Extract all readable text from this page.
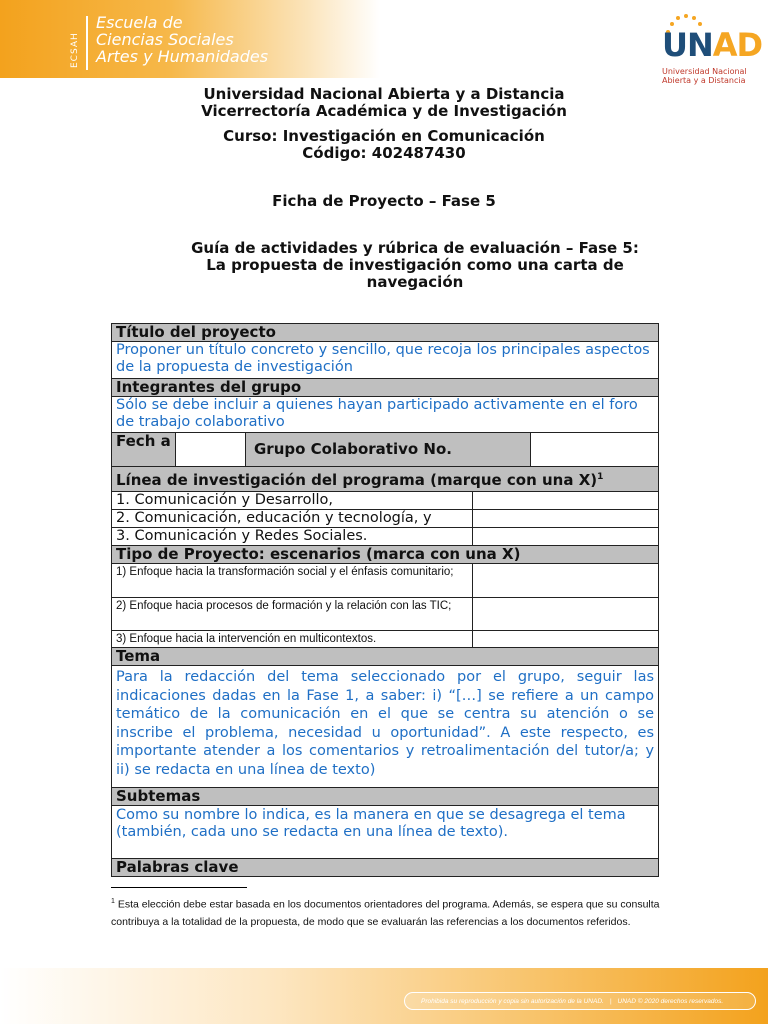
ECSAH
Escuela de
Ciencias Sociales
Artes y Humanidades	UNAD
Universidad Nacional
Abierta y a Distancia
Universidad Nacional Abierta y a Distancia
Vicerrectoría Académica y de Investigación
Curso: Investigación en Comunicación
Código: 402487430
Ficha de Proyecto – Fase 5
Guía de actividades y rúbrica de evaluación – Fase 5:
La propuesta de investigación como una carta de
navegación
Título del proyecto				
Proponer un título concreto y sencillo, que recoja los principales aspectos de la propuesta de investigación				
Integrantes del grupo				
Sólo se debe incluir a quienes hayan participado activamente en el foro de trabajo colaborativo				
Fech a		Grupo Colaborativo No.		
Línea de investigación del programa (marque con una X)$^1$
1. Comunicación y Desarrollo,				
2. Comunicación, educación y tecnología, y				
3. Comunicación y Redes Sociales.				
Tipo de Proyecto: escenarios (marca con una X)				
1) Enfoque hacia la transformación social y el énfasis comunitario;				
2) Enfoque hacia procesos de formación y la relación con las TIC;				
3) Enfoque hacia la intervención en multicontextos.				
Tema				
Para la redacción del tema seleccionado por el grupo, seguir las indicaciones dadas en la Fase 1, a saber: i) “[…] se refiere a un campo temático de la comunicación en el que se centra su atención o se inscribe el problema, necesidad u oportunidad”. A este respecto, es importante atender a los comentarios y retroalimentación del tutor/a; y ii) se redacta en una línea de texto)				
Subtemas				
Como su nombre lo indica, es la manera en que se desagrega el tema (también, cada uno se redacta en una línea de texto).				
Palabras clave				
$^1$ Esta elección debe estar basada en los documentos orientadores del programa. Además, se espera que su consulta contribuya a la totalidad de la propuesta, de modo que se evaluarán las referencias a los documentos referidos.
Prohibida su reproducción y copia sin autorización de la UNAD. | UNAD © 2020 derechos reservados.
